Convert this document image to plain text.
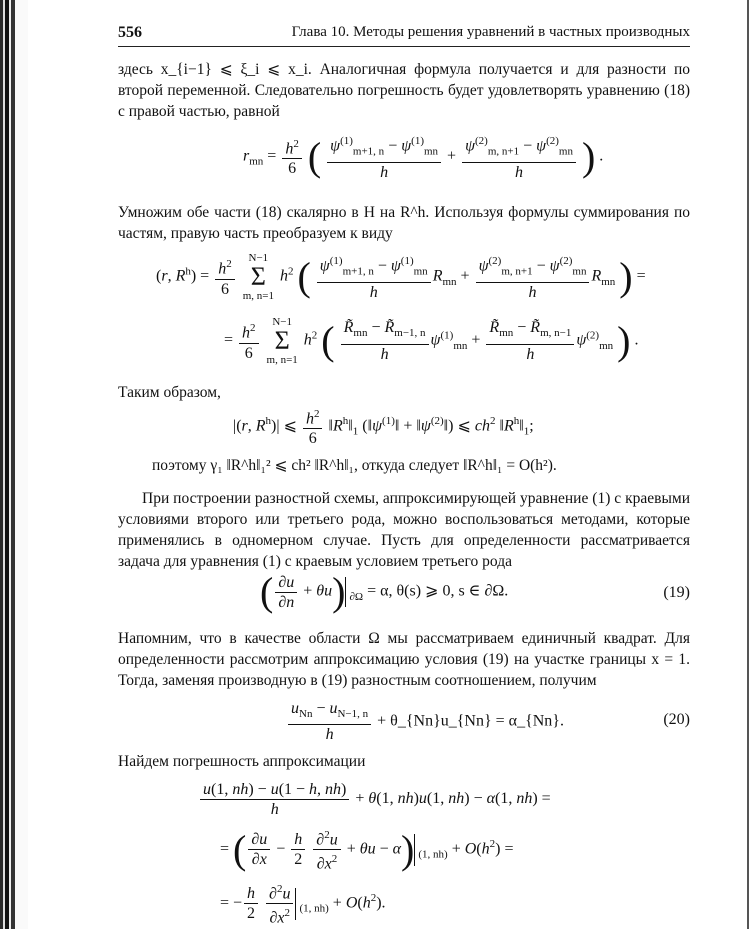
556	Глава 10. Методы решения уравнений в частных производных

здесь x_{i−1} ⩽ ξ_i ⩽ x_i. Аналогичная формула получается и для разности по второй переменной. Следовательно погрешность будет удовлетворять уравнению (18) с правой частью, равной

$r_{mn} = \frac{h^2}{6}$ ( $\frac{\psi^{(1)}_{m+1, n} - \psi^{(1)}_{mn}}{h} + \frac{\psi^{(2)}_{m, n+1} - \psi^{(2)}_{mn}}{h}$ ) .

Умножим обе части (18) скалярно в H на R^h. Используя формулы суммирования по частям, правую часть преобразуем к виду

(r, $R^h) = \frac{h^2}{6} N-1$
Σ
m, n=1 $h^2$ ( $\frac{\psi^{(1)}_{m+1, n} - \psi^{(1)}_{mn}}{h} R_{mn} + \frac{\psi^{(2)}_{m, n+1} - \psi^{(2)}_{mn}}{h} R_{mn}$ ) =
= $\frac{h^2}{6} N-1$
Σ
m, n=1 $h^2$ ( $\frac{R̃_{mn} - R̃_{m-1, n}}{h} \psi^{(1)}_{mn} + \frac{R̃_{mn} - R̃_{m, n-1}}{h} \psi^{(2)}_{mn}$ ) .

Таким образом,

|(r, $R^h)|$ ⩽ $\frac{h^2}{6}$ $‖R^h‖_1$ ($‖\psi^{(1)}‖$ + $‖\psi^{(2)}‖$) ⩽ $ch^2$ $‖R^h‖_1$;

поэтому γ₁ ‖R^h‖₁² ⩽ ch² ‖R^h‖₁, откуда следует ‖R^h‖₁ = O(h²).

При построении разностной схемы, аппроксимирующей уравнение (1) с краевыми условиями второго или третьего рода, можно воспользоваться методами, которые применялись в одномерном случае. Пусть для определенности рассматривается задача для уравнения (1) с краевым условием третьего рода

( $\frac{\partial u}{\partial n} + \theta u$) $_{\partial\Omega}$ = α, θ(s) ⩾ 0, s ∈ ∂Ω.	(19)

Напомним, что в качестве области Ω мы рассматриваем единичный квадрат. Для определенности рассмотрим аппроксимацию условия (19) на участке границы x = 1. Тогда, заменяя производную в (19) разностным соотношением, получим

$\frac{u_{Nn} - u_{N-1, n}}{h}$ + θ_{Nn}u_{Nn} = α_{Nn}.	(20)

Найдем погрешность аппроксимации

$\frac{u(1, nh) - u(1 - h, nh)}{h} + \theta(1$, nh)u(1, nh) − α(1, nh) =
= ( $\frac{\partial u}{\partial x} - \frac{h}{2}$
$\frac{\partial^2u}{\partial x^2} + \theta u - \alpha$) $_{(1, nh)} + O(h^2)$ =
= − $\frac{h}{2}$
$\frac{\partial^2u}{\partial x^2} _{(1, nh)} + O(h^2)$.
